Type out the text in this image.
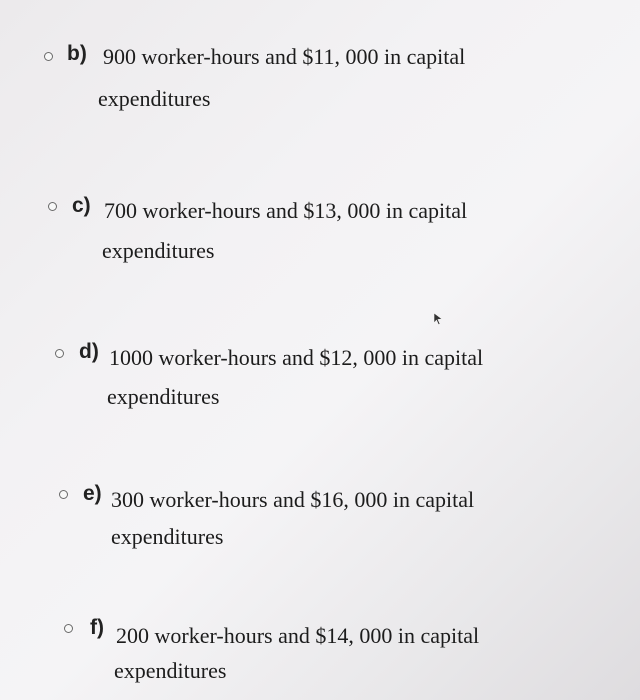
b) 900 worker-hours and $11, 000 in capital
expenditures
c) 700 worker-hours and $13, 000 in capital
expenditures
d) 1000 worker-hours and $12, 000 in capital
expenditures
e) 300 worker-hours and $16, 000 in capital
expenditures
f) 200 worker-hours and $14, 000 in capital
expenditures
